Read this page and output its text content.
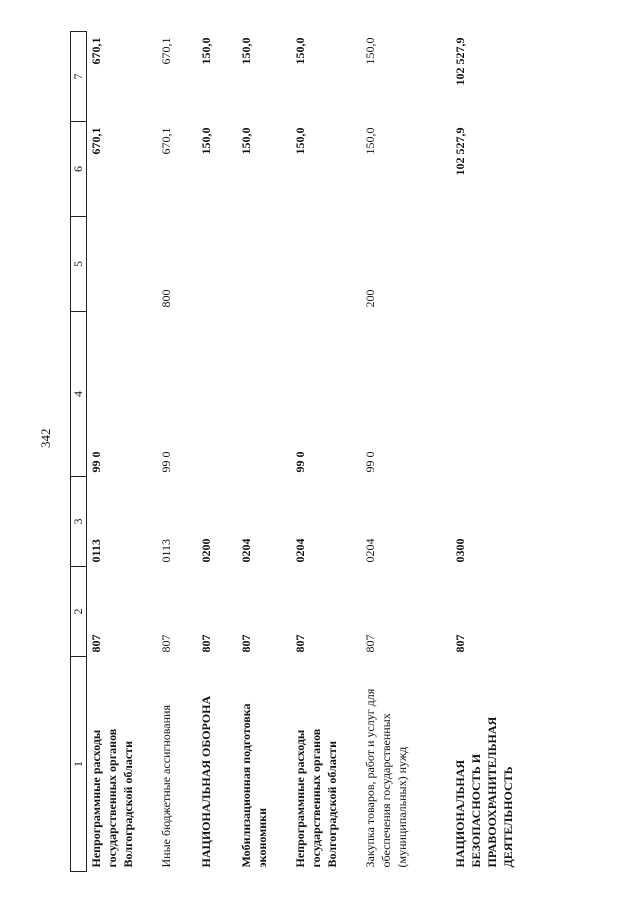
342
1	2	3	4	5	6	7
Непрограммные расходы государственных органов Волгоградской области	807	0113	99 0		670,1	670,1
Иные бюджетные ассигнования	807	0113	99 0	800	670,1	670,1
НАЦИОНАЛЬНАЯ ОБОРОНА	807	0200			150,0	150,0
Мобилизационная подготовка экономики	807	0204			150,0	150,0
Непрограммные расходы государственных органов Волгоградской области	807	0204	99 0		150,0	150,0
Закупка товаров, работ и услуг для обеспечения государственных (муниципальных) нужд	807	0204	99 0	200	150,0	150,0
НАЦИОНАЛЬНАЯ БЕЗОПАСНОСТЬ И ПРАВООХРАНИТЕЛЬНАЯ ДЕЯТЕЛЬНОСТЬ	807	0300			102 527,9	102 527,9
